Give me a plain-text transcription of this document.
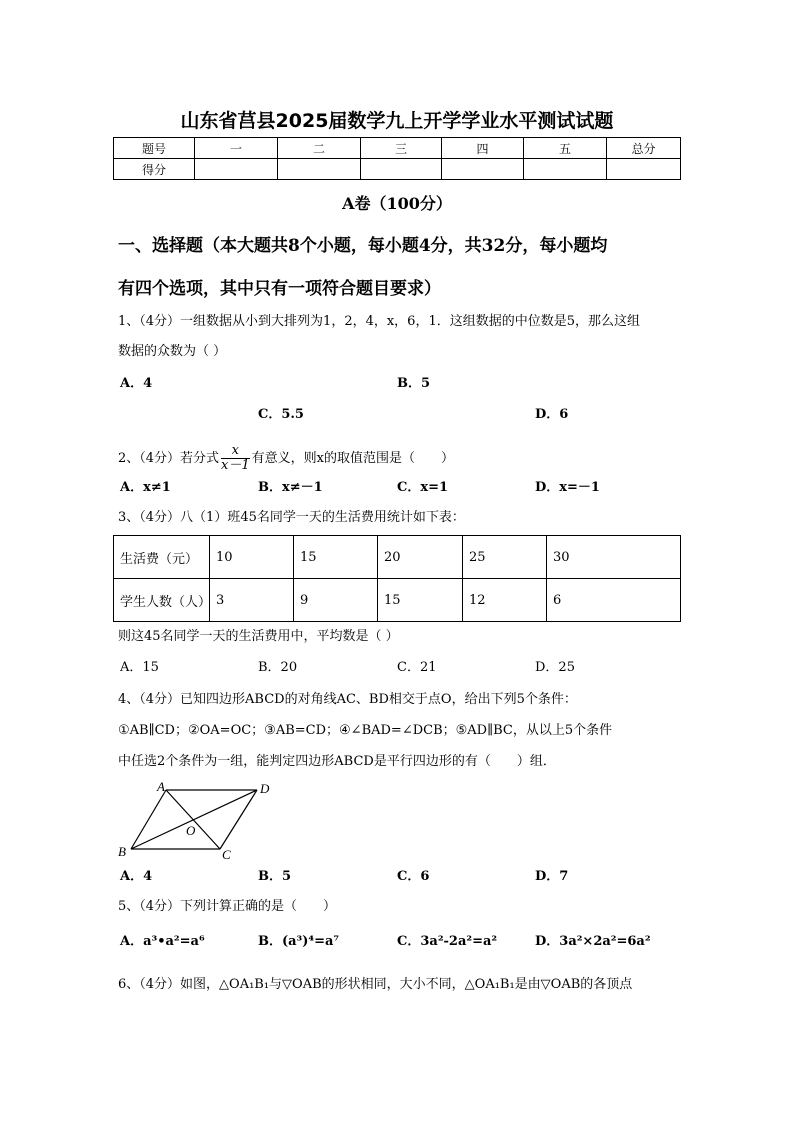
山东省莒县2025届数学九上开学学业水平测试试题
题号	一	二	三	四	五	总分
得分						
A卷（100分）
一、选择题（本大题共8个小题，每小题4分，共32分，每小题均
有四个选项，其中只有一项符合题目要求）
1、（4分）一组数据从小到大排列为1，2，4，x，6，1．这组数据的中位数是5，那么这组
数据的众数为（ ）
A．4	B．5
C．5.5	D．6
2、（4分）若分式 $\frac{x}{x-1}$ 有意义，则x的取值范围是（　　）
A．x≠1	B．x≠－1	C．x=1	D．x=－1
3、（4分）八（1）班45名同学一天的生活费用统计如下表：
生活费（元）	10	15	20	25	30
学生人数（人）	3	9	15	12	6
则这45名同学一天的生活费用中，平均数是（ ）
A．15	B．20	C．21	D．25
4、（4分）已知四边形ABCD的对角线AC、BD相交于点O，给出下列5个条件：
①AB∥CD；②OA=OC；③AB=CD；④∠BAD=∠DCB；⑤AD∥BC，从以上5个条件
中任选2个条件为一组，能判定四边形ABCD是平行四边形的有（　　）组．
A
B	C
D
O
A．4	B．5	C．6	D．7
5、（4分）下列计算正确的是（　　）
A．a³•a²=a⁶	B．(a³)⁴=a⁷	C．3a²-2a²=a²	D．3a²×2a²=6a²
6、（4分）如图，△OA₁B₁与▽OAB的形状相同，大小不同，△OA₁B₁是由▽OAB的各顶点
